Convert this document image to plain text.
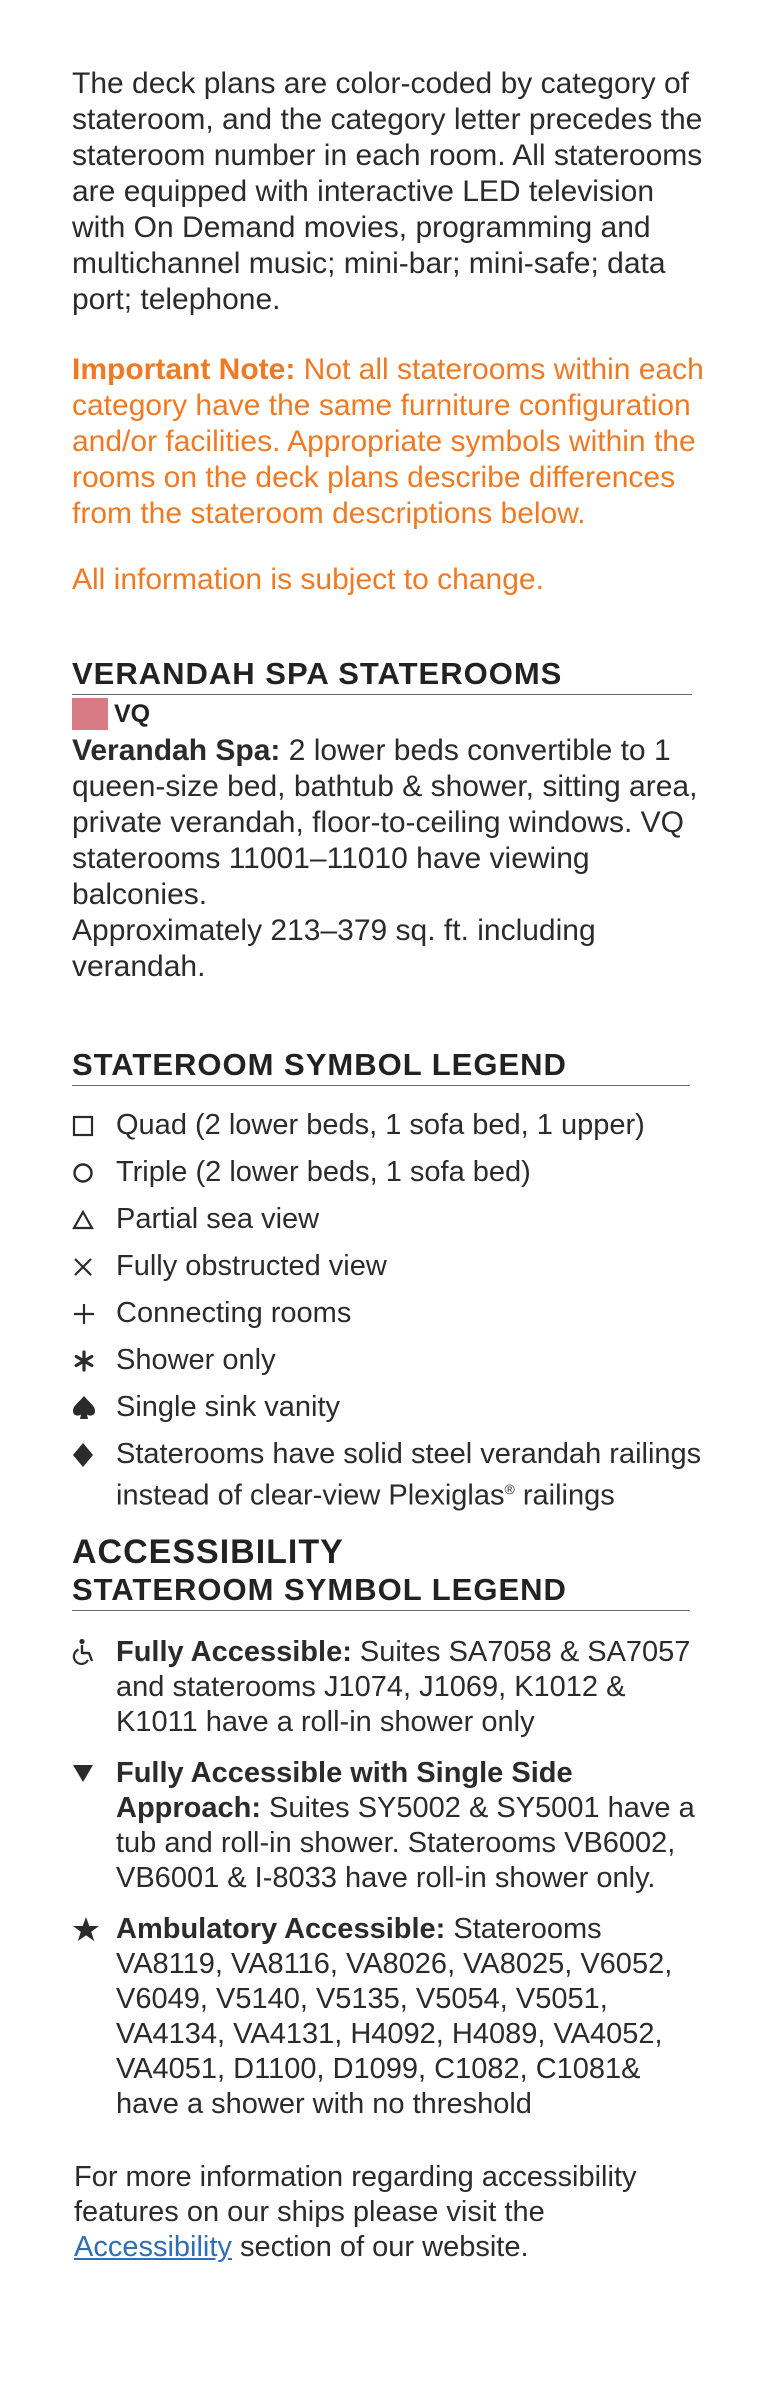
The deck plans are color-coded by category of stateroom, and the category letter precedes the stateroom number in each room. All staterooms are equipped with interactive LED television with On Demand movies, programming and multichannel music; mini-bar; mini-safe; data port; telephone.

Important Note: Not all staterooms within each category have the same furniture configuration and/or facilities. Appropriate symbols within the rooms on the deck plans describe differences from the stateroom descriptions below.

All information is subject to change.

VERANDAH SPA STATEROOMS
VQ

Verandah Spa: 2 lower beds convertible to 1 queen-size bed, bathtub & shower, sitting area, private verandah, floor-to-ceiling windows. VQ staterooms 11001–11010 have viewing balconies.
Approximately 213–379 sq. ft. including verandah.

STATEROOM SYMBOL LEGEND
Quad (2 lower beds, 1 sofa bed, 1 upper)
Triple (2 lower beds, 1 sofa bed)
Partial sea view
Fully obstructed view
Connecting rooms
Shower only
Single sink vanity
Staterooms have solid steel verandah railings instead of clear-view Plexiglas® railings
ACCESSIBILITY
STATEROOM SYMBOL LEGEND
Fully Accessible: Suites SA7058 & SA7057 and staterooms J1074, J1069, K1012 & K1011 have a roll-in shower only
Fully Accessible with Single Side Approach: Suites SY5002 & SY5001 have a tub and roll-in shower. Staterooms VB6002, VB6001 & I-8033 have roll-in shower only.
Ambulatory Accessible: Staterooms VA8119, VA8116, VA8026, VA8025, V6052, V6049, V5140, V5135, V5054, V5051, VA4134, VA4131, H4092, H4089, VA4052, VA4051, D1100, D1099, C1082, C1081& have a shower with no threshold

For more information regarding accessibility features on our ships please visit the Accessibility section of our website.
